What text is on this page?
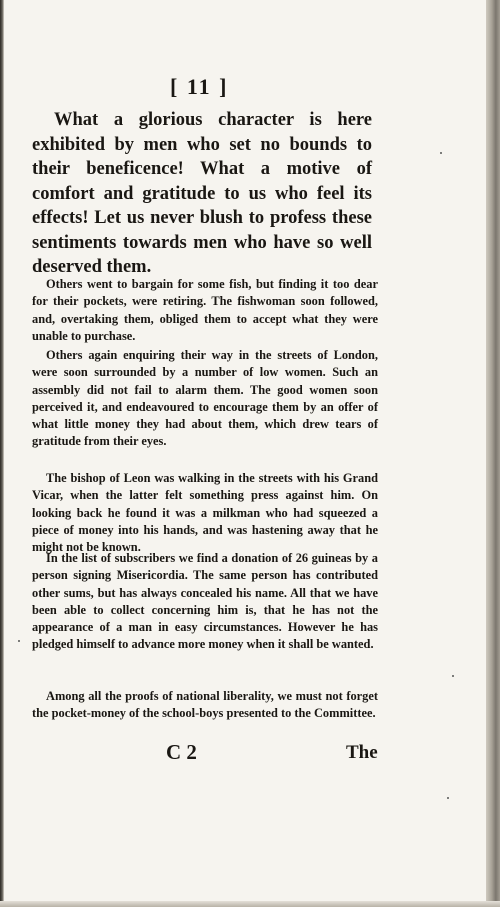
[ 11 ]

What a glorious character is here exhibited by men who set no bounds to their beneficence! What a motive of comfort and gratitude to us who feel its effects! Let us never blush to profess these sentiments towards men who have so well deserved them.

Others went to bargain for some fish, but finding it too dear for their pockets, were retiring. The fishwoman soon followed, and, overtaking them, obliged them to accept what they were unable to purchase.

Others again enquiring their way in the streets of London, were soon surrounded by a number of low women. Such an assembly did not fail to alarm them. The good women soon perceived it, and endeavoured to encourage them by an offer of what little money they had about them, which drew tears of gratitude from their eyes.

The bishop of Leon was walking in the streets with his Grand Vicar, when the latter felt something press against him. On looking back he found it was a milkman who had squeezed a piece of money into his hands, and was hastening away that he might not be known.

In the list of subscribers we find a donation of 26 guineas by a person signing Misericordia. The same person has contributed other sums, but has always concealed his name. All that we have been able to collect concerning him is, that he has not the appearance of a man in easy circumstances. However he has pledged himself to advance more money when it shall be wanted.

Among all the proofs of national liberality, we must not forget the pocket-money of the school-boys presented to the Committee.

C 2	The
